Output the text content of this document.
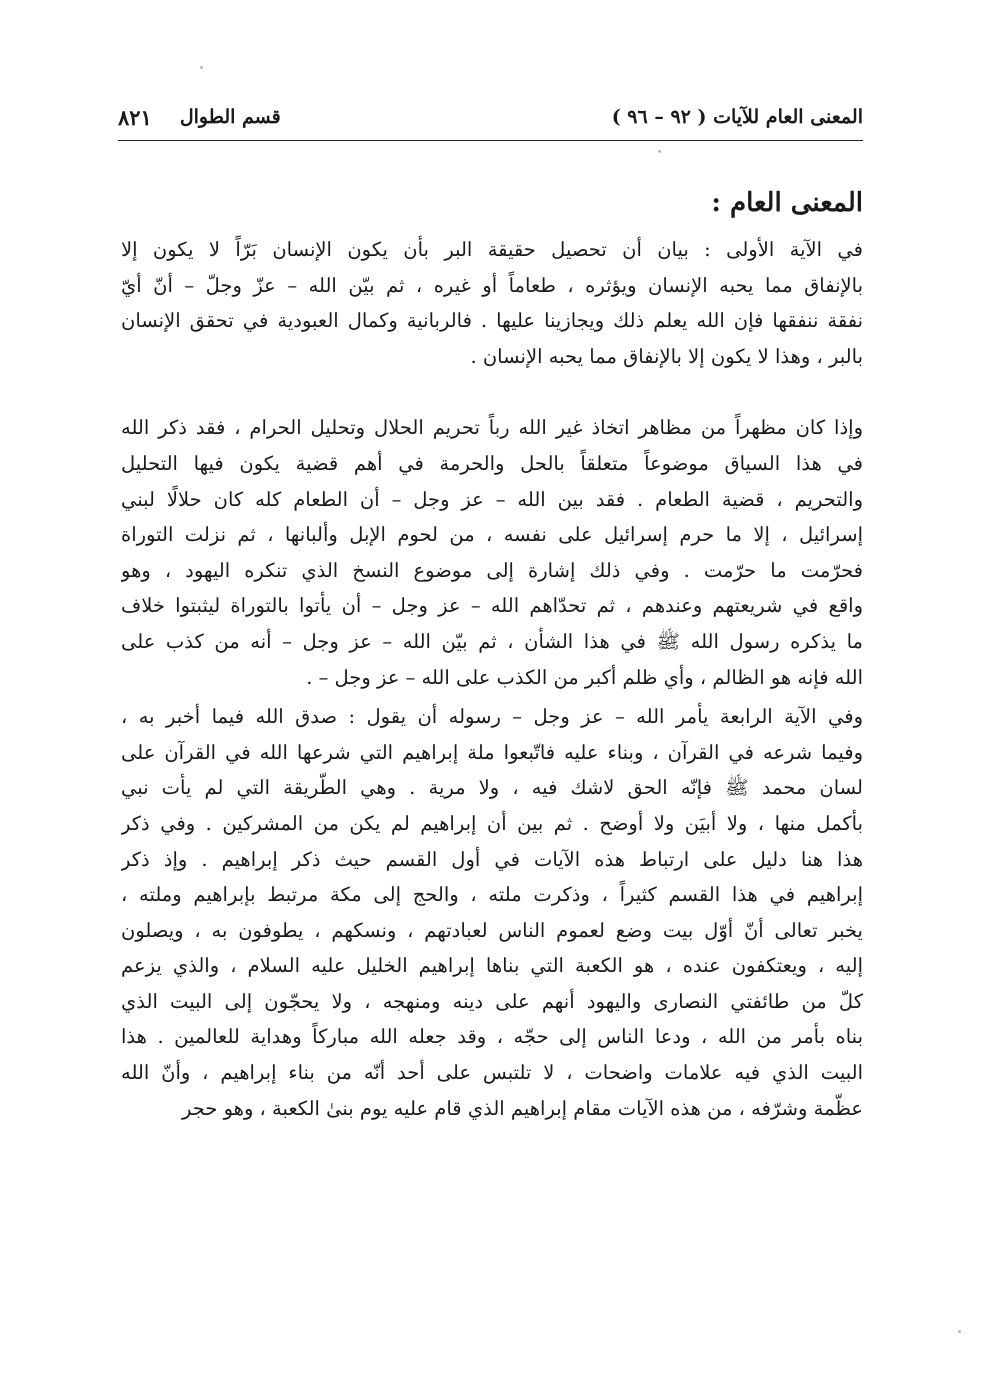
المعنى العام للآيات ( ٩٢ – ٩٦ )
قسم الطوال
٨٢١
المعنى العام :

في الآية الأولى : بيان أن تحصيل حقيقة البر بأن يكون الإنسان بَرّاً لا يكون إلا
بالإنفاق مما يحبه الإنسان ويؤثره ، طعاماً أو غيره ، ثم بيّن الله – عزّ وجلّ – أنّ أيّ
نفقة ننفقها فإن الله يعلم ذلك ويجازينا عليها . فالربانية وكمال العبودية في تحقق الإنسان
بالبر ، وهذا لا يكون إلا بالإنفاق مما يحبه الإنسان .

وإذا كان مظهراً من مظاهر اتخاذ غير الله رباً تحريم الحلال وتحليل الحرام ، فقد ذكر الله
في هذا السياق موضوعاً متعلقاً بالحل والحرمة في أهم قضية يكون فيها التحليل
والتحريم ، قضية الطعام . فقد بين الله – عز وجل – أن الطعام كله كان حلالًا لبني
إسرائيل ، إلا ما حرم إسرائيل على نفسه ، من لحوم الإبل وألبانها ، ثم نزلت التوراة
فحرّمت ما حرّمت . وفي ذلك إشارة إلى موضوع النسخ الذي تنكره اليهود ، وهو
واقع في شريعتهم وعندهم ، ثم تحدّاهم الله – عز وجل – أن يأتوا بالتوراة ليثبتوا خلاف
ما يذكره رسول الله ﷺ في هذا الشأن ، ثم بيّن الله – عز وجل – أنه من كذب على
الله فإنه هو الظالم ، وأي ظلم أكبر من الكذب على الله – عز وجل – .

وفي الآية الرابعة يأمر الله – عز وجل – رسوله أن يقول : صدق الله فيما أخبر به ،
وفيما شرعه في القرآن ، وبناء عليه فاتّبعوا ملة إبراهيم التي شرعها الله في القرآن على
لسان محمد ﷺ فإنّه الحق لاشك فيه ، ولا مرية . وهي الطّريقة التي لم يأت نبي
بأكمل منها ، ولا أبيَن ولا أوضح . ثم بين أن إبراهيم لم يكن من المشركين . وفي ذكر
هذا هنا دليل على ارتباط هذه الآيات في أول القسم حيث ذكر إبراهيم . وإذ ذكر
إبراهيم في هذا القسم كثيراً ، وذكرت ملته ، والحج إلى مكة مرتبط بإبراهيم وملته ،
يخبر تعالى أنّ أوّل بيت وضع لعموم الناس لعبادتهم ، ونسكهم ، يطوفون به ، ويصلون
إليه ، ويعتكفون عنده ، هو الكعبة التي بناها إبراهيم الخليل عليه السلام ، والذي يزعم
كلّ من طائفتي النصارى واليهود أنهم على دينه ومنهجه ، ولا يحجّون إلى البيت الذي
بناه بأمر من الله ، ودعا الناس إلى حجّه ، وقد جعله الله مباركاً وهداية للعالمين . هذا
البيت الذي فيه علامات واضحات ، لا تلتبس على أحد أنّه من بناء إبراهيم ، وأنّ الله
عظّمة وشرّفه ، من هذه الآيات مقام إبراهيم الذي قام عليه يوم بنىٰ الكعبة ، وهو حجر
